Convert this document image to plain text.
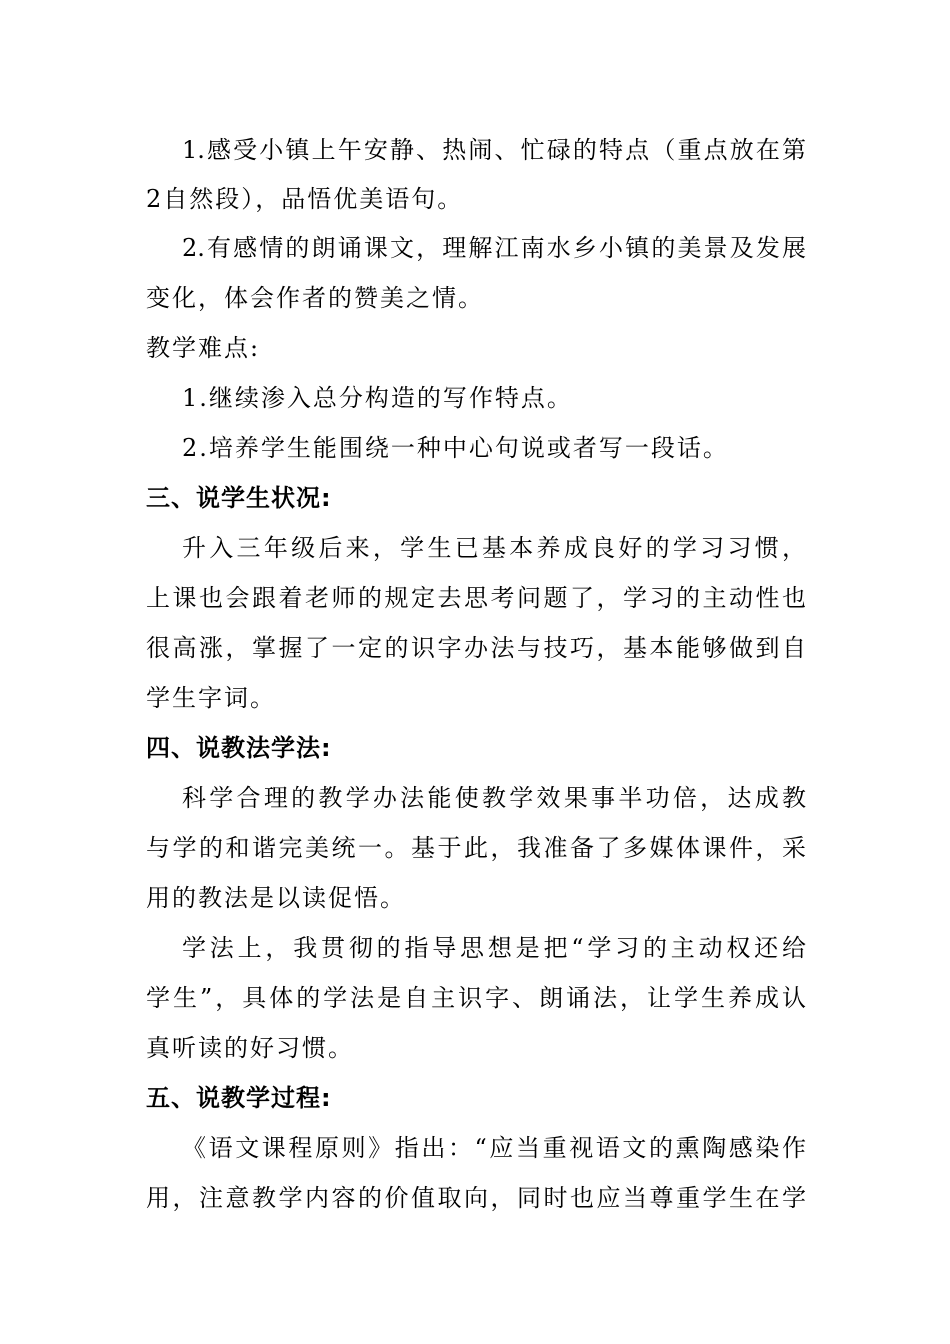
1.感受小镇上午安静、热闹、忙碌的特点（重点放在第
2自然段），品悟优美语句。
2.有感情的朗诵课文，理解江南水乡小镇的美景及发展
变化，体会作者的赞美之情。
教学难点:
1.继续渗入总分构造的写作特点。
2.培养学生能围绕一种中心句说或者写一段话。
三、说学生状况:
升入三年级后来，学生已基本养成良好的学习习惯，
上课也会跟着老师的规定去思考问题了，学习的主动性也
很高涨，掌握了一定的识字办法与技巧，基本能够做到自
学生字词。
四、说教法学法:
科学合理的教学办法能使教学效果事半功倍，达成教
与学的和谐完美统一。基于此，我准备了多媒体课件，采
用的教法是以读促悟。
学法上，我贯彻的指导思想是把“学习的主动权还给
学生”，具体的学法是自主识字、朗诵法，让学生养成认
真听读的好习惯。
五、说教学过程:
《语文课程原则》指出：“应当重视语文的熏陶感染作
用，注意教学内容的价值取向，同时也应当尊重学生在学
